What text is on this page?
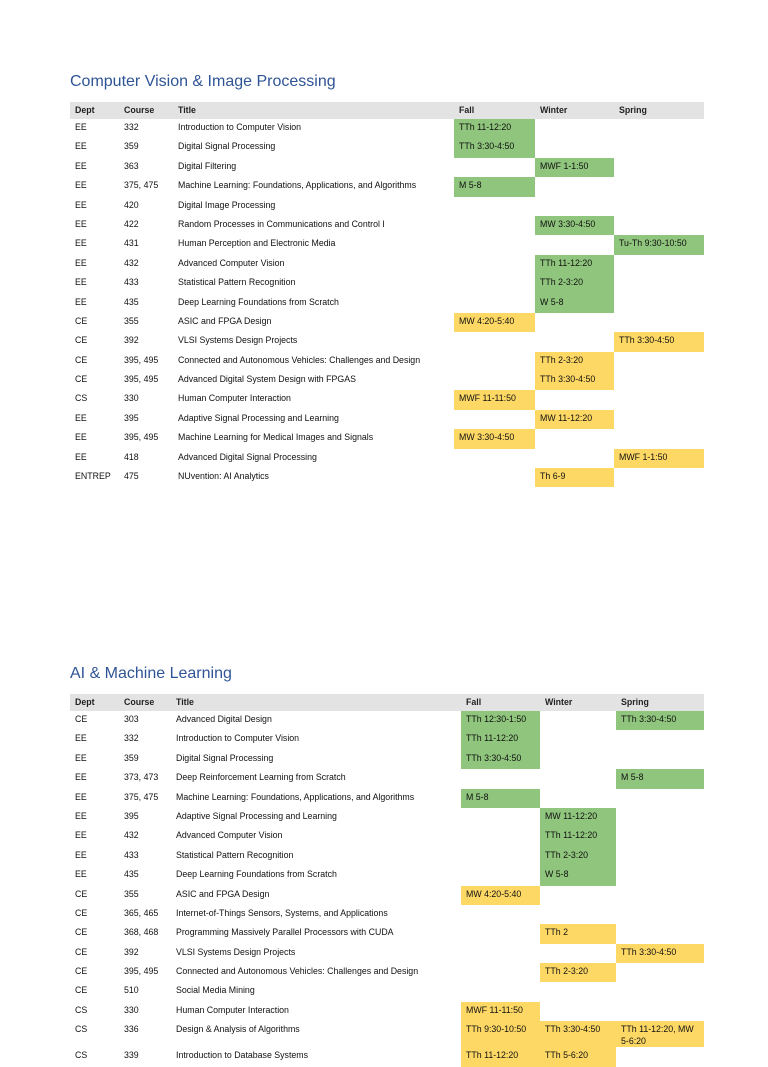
Computer Vision & Image Processing
Dept	Course	Title	Fall	Winter	Spring
EE	332	Introduction to Computer Vision	TTh 11-12:20		
EE	359	Digital Signal Processing	TTh 3:30-4:50		
EE	363	Digital Filtering		MWF 1-1:50	
EE	375, 475	Machine Learning: Foundations, Applications, and Algorithms	M 5-8		
EE	420	Digital Image Processing			
EE	422	Random Processes in Communications and Control I		MW 3:30-4:50	
EE	431	Human Perception and Electronic Media			Tu-Th 9:30-10:50
EE	432	Advanced Computer Vision		TTh 11-12:20	
EE	433	Statistical Pattern Recognition		TTh 2-3:20	
EE	435	Deep Learning Foundations from Scratch		W 5-8	
CE	355	ASIC and FPGA Design	MW 4:20-5:40		
CE	392	VLSI Systems Design Projects			TTh 3:30-4:50
CE	395, 495	Connected and Autonomous Vehicles: Challenges and Design		TTh 2-3:20	
CE	395, 495	Advanced Digital System Design with FPGAS		TTh 3:30-4:50	
CS	330	Human Computer Interaction	MWF 11-11:50		
EE	395	Adaptive Signal Processing and Learning		MW 11-12:20	
EE	395, 495	Machine Learning for Medical Images and Signals	MW 3:30-4:50		
EE	418	Advanced Digital Signal Processing			MWF 1-1:50
ENTREP	475	NUvention: AI Analytics		Th 6-9	
AI & Machine Learning
Dept	Course	Title	Fall	Winter	Spring
CE	303	Advanced Digital Design	TTh 12:30-1:50		TTh 3:30-4:50
EE	332	Introduction to Computer Vision	TTh 11-12:20		
EE	359	Digital Signal Processing	TTh 3:30-4:50		
EE	373, 473	Deep Reinforcement Learning from Scratch			M 5-8
EE	375, 475	Machine Learning: Foundations, Applications, and Algorithms	M 5-8		
EE	395	Adaptive Signal Processing and Learning		MW 11-12:20	
EE	432	Advanced Computer Vision		TTh 11-12:20	
EE	433	Statistical Pattern Recognition		TTh 2-3:20	
EE	435	Deep Learning Foundations from Scratch		W 5-8	
CE	355	ASIC and FPGA Design	MW 4:20-5:40		
CE	365, 465	Internet-of-Things Sensors, Systems, and Applications			
CE	368, 468	Programming Massively Parallel Processors with CUDA		TTh 2	
CE	392	VLSI Systems Design Projects			TTh 3:30-4:50
CE	395, 495	Connected and Autonomous Vehicles: Challenges and Design		TTh 2-3:20	
CE	510	Social Media Mining			
CS	330	Human Computer Interaction	MWF 11-11:50		
CS	336	Design & Analysis of Algorithms	TTh 9:30-10:50	TTh 3:30-4:50	TTh 11-12:20, MW 5-6:20
CS	339	Introduction to Database Systems	TTh 11-12:20	TTh 5-6:20	
